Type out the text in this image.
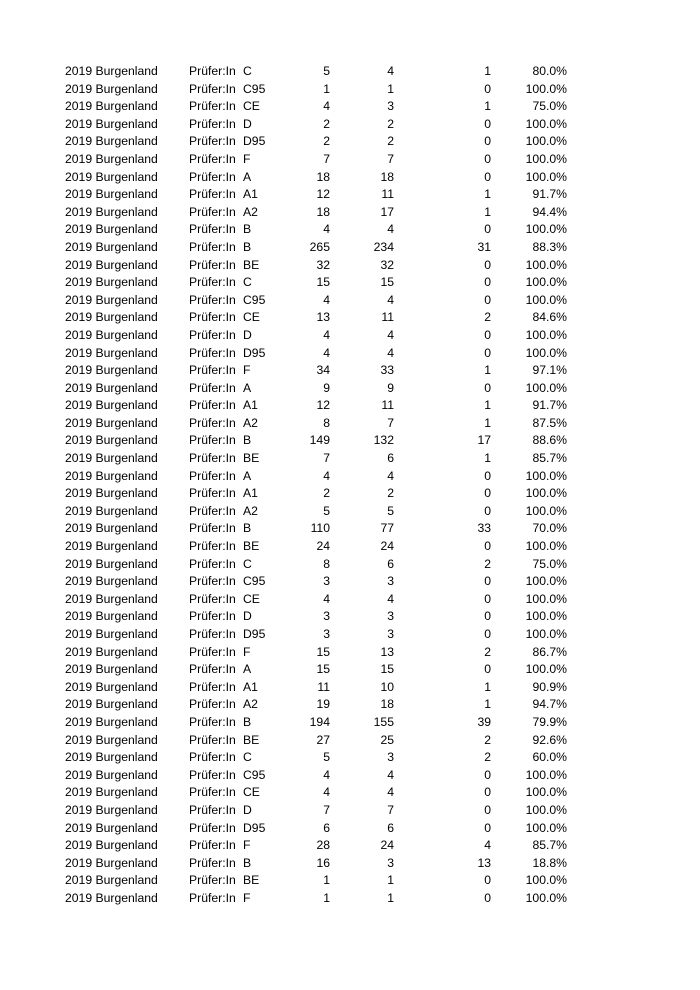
2019 Burgenland	Prüfer:In C	5	4	1	80.0%
2019 Burgenland	Prüfer:In C95	1	1	0	100.0%
2019 Burgenland	Prüfer:In CE	4	3	1	75.0%
2019 Burgenland	Prüfer:In D	2	2	0	100.0%
2019 Burgenland	Prüfer:In D95	2	2	0	100.0%
2019 Burgenland	Prüfer:In F	7	7	0	100.0%
2019 Burgenland	Prüfer:In A	18	18	0	100.0%
2019 Burgenland	Prüfer:In A1	12	11	1	91.7%
2019 Burgenland	Prüfer:In A2	18	17	1	94.4%
2019 Burgenland	Prüfer:In B	4	4	0	100.0%
2019 Burgenland	Prüfer:In B	265	234	31	88.3%
2019 Burgenland	Prüfer:In BE	32	32	0	100.0%
2019 Burgenland	Prüfer:In C	15	15	0	100.0%
2019 Burgenland	Prüfer:In C95	4	4	0	100.0%
2019 Burgenland	Prüfer:In CE	13	11	2	84.6%
2019 Burgenland	Prüfer:In D	4	4	0	100.0%
2019 Burgenland	Prüfer:In D95	4	4	0	100.0%
2019 Burgenland	Prüfer:In F	34	33	1	97.1%
2019 Burgenland	Prüfer:In A	9	9	0	100.0%
2019 Burgenland	Prüfer:In A1	12	11	1	91.7%
2019 Burgenland	Prüfer:In A2	8	7	1	87.5%
2019 Burgenland	Prüfer:In B	149	132	17	88.6%
2019 Burgenland	Prüfer:In BE	7	6	1	85.7%
2019 Burgenland	Prüfer:In A	4	4	0	100.0%
2019 Burgenland	Prüfer:In A1	2	2	0	100.0%
2019 Burgenland	Prüfer:In A2	5	5	0	100.0%
2019 Burgenland	Prüfer:In B	110	77	33	70.0%
2019 Burgenland	Prüfer:In BE	24	24	0	100.0%
2019 Burgenland	Prüfer:In C	8	6	2	75.0%
2019 Burgenland	Prüfer:In C95	3	3	0	100.0%
2019 Burgenland	Prüfer:In CE	4	4	0	100.0%
2019 Burgenland	Prüfer:In D	3	3	0	100.0%
2019 Burgenland	Prüfer:In D95	3	3	0	100.0%
2019 Burgenland	Prüfer:In F	15	13	2	86.7%
2019 Burgenland	Prüfer:In A	15	15	0	100.0%
2019 Burgenland	Prüfer:In A1	11	10	1	90.9%
2019 Burgenland	Prüfer:In A2	19	18	1	94.7%
2019 Burgenland	Prüfer:In B	194	155	39	79.9%
2019 Burgenland	Prüfer:In BE	27	25	2	92.6%
2019 Burgenland	Prüfer:In C	5	3	2	60.0%
2019 Burgenland	Prüfer:In C95	4	4	0	100.0%
2019 Burgenland	Prüfer:In CE	4	4	0	100.0%
2019 Burgenland	Prüfer:In D	7	7	0	100.0%
2019 Burgenland	Prüfer:In D95	6	6	0	100.0%
2019 Burgenland	Prüfer:In F	28	24	4	85.7%
2019 Burgenland	Prüfer:In B	16	3	13	18.8%
2019 Burgenland	Prüfer:In BE	1	1	0	100.0%
2019 Burgenland	Prüfer:In F	1	1	0	100.0%
